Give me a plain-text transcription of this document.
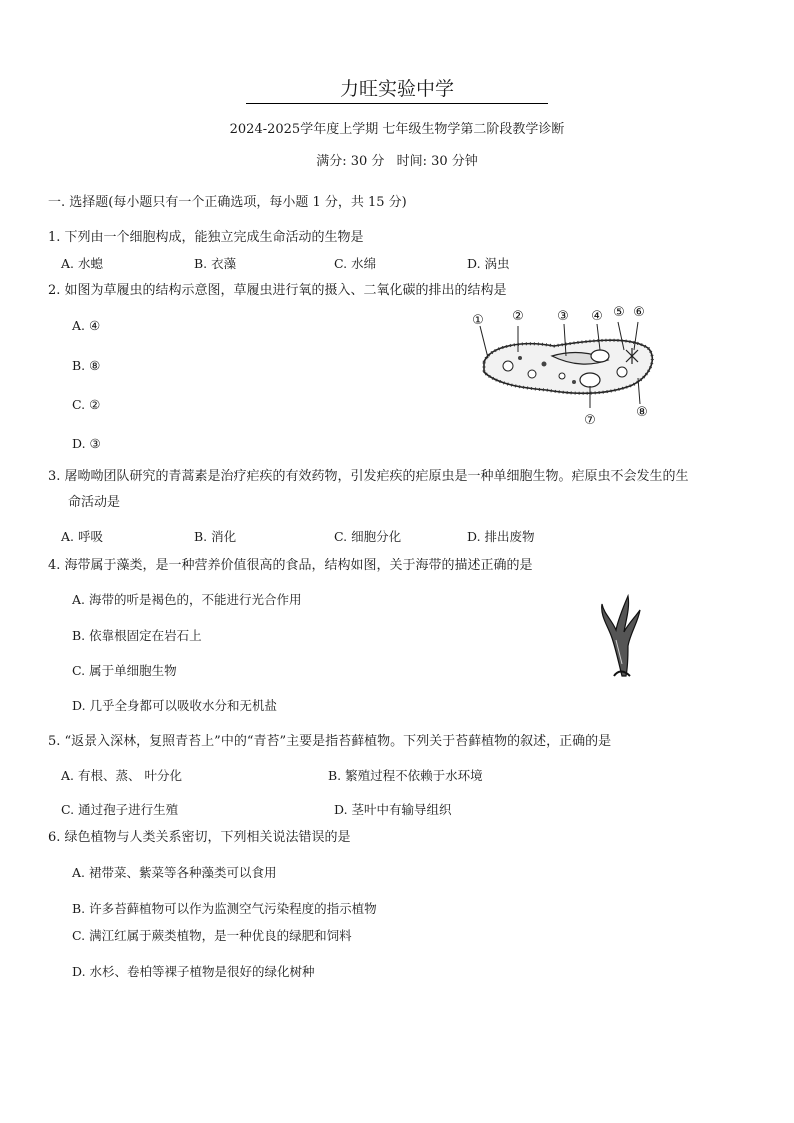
力旺实验中学
2024-2025学年度上学期 七年级生物学第二阶段教学诊断
满分: 30 分 时间: 30 分钟
一. 选择题(每小题只有一个正确选项，每小题 1 分，共 15 分)
1. 下列由一个细胞构成，能独立完成生命活动的生物是
A. 水螅	B. 衣藻	C. 水绵	D. 涡虫
2. 如图为草履虫的结构示意图，草履虫进行氧的摄入、二氧化碳的排出的结构是
A. ④
B. ⑧
C. ②
D. ③
① ②	③ ④ ⑤ ⑥
⑦
⑧
3. 屠呦呦团队研究的青蒿素是治疗疟疾的有效药物，引发疟疾的疟原虫是一种单细胞生物。疟原虫不会发生的生
命活动是
A. 呼吸	B. 消化	C. 细胞分化	D. 排出废物
4. 海带属于藻类，是一种营养价值很高的食品，结构如图，关于海带的描述正确的是
A. 海带的听是褐色的，不能进行光合作用
B. 依靠根固定在岩石上
C. 属于单细胞生物
D. 几乎全身都可以吸收水分和无机盐
5. “返景入深林，复照青苔上”中的“青苔”主要是指苔藓植物。下列关于苔藓植物的叙述，正确的是
A. 有根、蒸、 叶分化	B. 繁殖过程不依赖于水环境
C. 通过孢子进行生殖	D. 茎叶中有输导组织
6. 绿色植物与人类关系密切，下列相关说法错误的是
A. 裙带菜、紫菜等各种藻类可以食用
B. 许多苔藓植物可以作为监测空气污染程度的指示植物
C. 满江红属于蕨类植物，是一种优良的绿肥和饲料
D. 水杉、卷柏等裸子植物是很好的绿化树种
